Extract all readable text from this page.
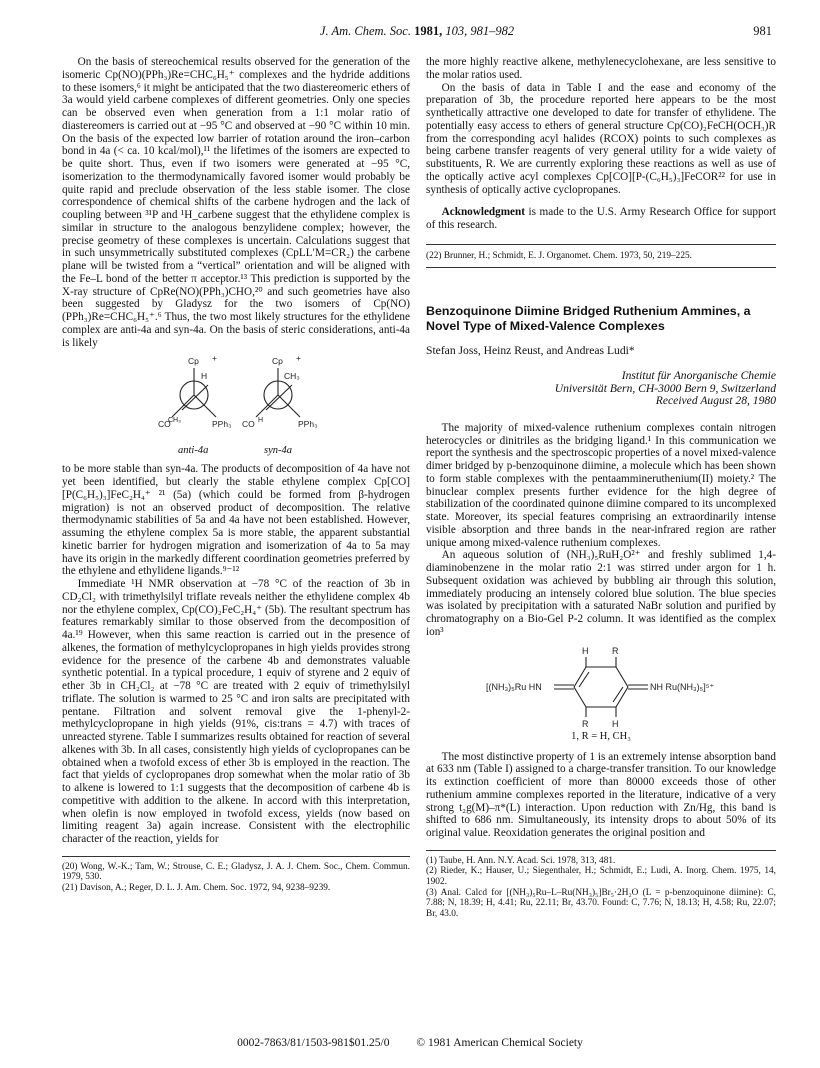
J. Am. Chem. Soc. 1981, 103, 981–982	981

On the basis of stereochemical results observed for the generation of the isomeric Cp(NO)(PPh₃)Re=CHC₆H₅⁺ complexes and the hydride additions to these isomers,⁶ it might be anticipated that the two diastereomeric ethers of 3a would yield carbene complexes of different geometries. Only one species can be observed even when generation from a 1:1 molar ratio of diastereomers is carried out at −95 °C and observed at −90 °C within 10 min. On the basis of the expected low barrier of rotation around the iron–carbon bond in 4a (< ca. 10 kcal/mol),¹¹ the lifetimes of the isomers are expected to be quite short. Thus, even if two isomers were generated at −95 °C, isomerization to the thermodynamically favored isomer would probably be quite rapid and preclude observation of the less stable isomer. The close correspondence of chemical shifts of the carbene hydrogen and the lack of coupling between ³¹P and ¹H_carbene suggest that the ethylidene complex is similar in structure to the analogous benzylidene complex; however, the precise geometry of these complexes is uncertain. Calculations suggest that in such unsymmetrically substituted complexes (CpLL′M=CR₂) the carbene plane will be twisted from a “vertical” orientation and will be aligned with the Fe–L bond of the better π acceptor.¹³ This prediction is supported by the X-ray structure of CpRe(NO)(PPh₃)CHO,²⁰ and such geometries have also been suggested by Gladysz for the two isomers of Cp(NO)(PPh₃)Re=CHC₆H₅⁺.⁶ Thus, the two most likely structures for the ethylidene complex are anti-4a and syn-4a. On the basis of steric considerations, anti-4a is likely

Cp +
H
CO
CH₃	PPh₃
Cp +
CH₃
CO H	PPh₃
anti-4a	syn-4a

to be more stable than syn-4a. The products of decomposition of 4a have not yet been identified, but clearly the stable ethylene complex Cp[CO][P(C₆H₅)₃]FeC₂H₄⁺ ²¹ (5a) (which could be formed from β-hydrogen migration) is not an observed product of decomposition. The relative thermodynamic stabilities of 5a and 4a have not been established. However, assuming the ethylene complex 5a is more stable, the apparent substantial kinetic barrier for hydrogen migration and isomerization of 4a to 5a may have its origin in the markedly different coordination geometries preferred by the ethylene and ethylidene ligands.⁹⁻¹²

Immediate ¹H NMR observation at −78 °C of the reaction of 3b in CD₂Cl₂ with trimethylsilyl triflate reveals neither the ethylidene complex 4b nor the ethylene complex, Cp(CO)₂FeC₂H₄⁺ (5b). The resultant spectrum has features remarkably similar to those observed from the decomposition of 4a.¹⁹ However, when this same reaction is carried out in the presence of alkenes, the formation of methylcyclopropanes in high yields provides strong evidence for the presence of the carbene 4b and demonstrates valuable synthetic potential. In a typical procedure, 1 equiv of styrene and 2 equiv of ether 3b in CH₂Cl₂ at −78 °C are treated with 2 equiv of trimethylsilyl triflate. The solution is warmed to 25 °C and iron salts are precipitated with pentane. Filtration and solvent removal give the 1-phenyl-2-methylcyclopropane in high yields (91%, cis:trans = 4.7) with traces of unreacted styrene. Table I summarizes results obtained for reaction of several alkenes with 3b. In all cases, consistently high yields of cyclopropanes can be obtained when a twofold excess of ether 3b is employed in the reaction. The fact that yields of cyclopropanes drop somewhat when the molar ratio of 3b to alkene is lowered to 1:1 suggests that the decomposition of carbene 4b is competitive with addition to the alkene. In accord with this interpretation, when olefin is now employed in twofold excess, yields (now based on limiting reagent 3a) again increase. Consistent with the electrophilic character of the reaction, yields for

(20) Wong, W.-K.; Tam, W.; Strouse, C. E.; Gladysz, J. A. J. Chem. Soc., Chem. Commun. 1979, 530.

(21) Davison, A.; Reger, D. L. J. Am. Chem. Soc. 1972, 94, 9238–9239.

the more highly reactive alkene, methylenecyclohexane, are less sensitive to the molar ratios used.

On the basis of data in Table I and the ease and economy of the preparation of 3b, the procedure reported here appears to be the most synthetically attractive one developed to date for transfer of ethylidene. The potentially easy access to ethers of general structure Cp(CO)₂FeCH(OCH₃)R from the corresponding acyl halides (RCOX) points to such complexes as being carbene transfer reagents of very general utility for a wide vaiety of substituents, R. We are currently exploring these reactions as well as use of the optically active acyl complexes Cp[CO][P-(C₆H₅)₃]FeCOR²² for use in synthesis of optically active cyclopropanes.

Acknowledgment is made to the U.S. Army Research Office for support of this research.

(22) Brunner, H.; Schmidt, E. J. Organomet. Chem. 1973, 50, 219–225.

Benzoquinone Diimine Bridged Ruthenium Ammines, a Novel Type of Mixed-Valence Complexes
Stefan Joss, Heinz Reust, and Andreas Ludi*
Institut für Anorganische Chemie
Universität Bern, CH-3000 Bern 9, Switzerland
Received August 28, 1980

The majority of mixed-valence ruthenium complexes contain nitrogen heterocycles or dinitriles as the bridging ligand.¹ In this communication we report the synthesis and the spectroscopic properties of a novel mixed-valence dimer bridged by p-benzoquinone diimine, a molecule which has been shown to form stable complexes with the pentaammineruthenium(II) moiety.² The binuclear complex presents further evidence for the high degree of stabilization of the coordinated quinone diimine compared to its uncomplexed state. Moreover, its special features comprising an extraordinarily intense visible absorption and three bands in the near-infrared region are rather unique among mixed-valence ruthenium complexes.

An aqueous solution of (NH₃)₅RuH₂O²⁺ and freshly sublimed 1,4-diaminobenzene in the molar ratio 2:1 was stirred under argon for 1 h. Subsequent oxidation was achieved by bubbling air through this solution, immediately producing an intensely colored blue solution. The blue species was isolated by precipitation with a saturated NaBr solution and purified by chromatography on a Bio-Gel P-2 column. It was identified as the complex ion³

H	R
R	H
[(NH₃)₅Ru HN	NH Ru(NH₃)₅]⁵⁺
1, R = H, CH₃

The most distinctive property of 1 is an extremely intense absorption band at 633 nm (Table I) assigned to a charge-transfer transition. To our knowledge its extinction coefficient of more than 80000 exceeds those of other ruthenium ammine complexes reported in the literature, indicative of a very strong t₂g(M)–π*(L) interaction. Upon reduction with Zn/Hg, this band is shifted to 686 nm. Simultaneously, its intensity drops to about 50% of its original value. Reoxidation generates the original position and

(1) Taube, H. Ann. N.Y. Acad. Sci. 1978, 313, 481.

(2) Rieder, K.; Hauser, U.; Siegenthaler, H.; Schmidt, E.; Ludi, A. Inorg. Chem. 1975, 14, 1902.

(3) Anal. Calcd for [(NH₃)₅Ru–L–Ru(NH₃)₅]Br₅·2H₂O (L = p-benzoquinone diimine): C, 7.88; N, 18.39; H, 4.41; Ru, 22.11; Br, 43.70. Found: C, 7.76; N, 18.13; H, 4.58; Ru, 22.07; Br, 43.0.

0002-7863/81/1503-981$01.25/0 © 1981 American Chemical Society
